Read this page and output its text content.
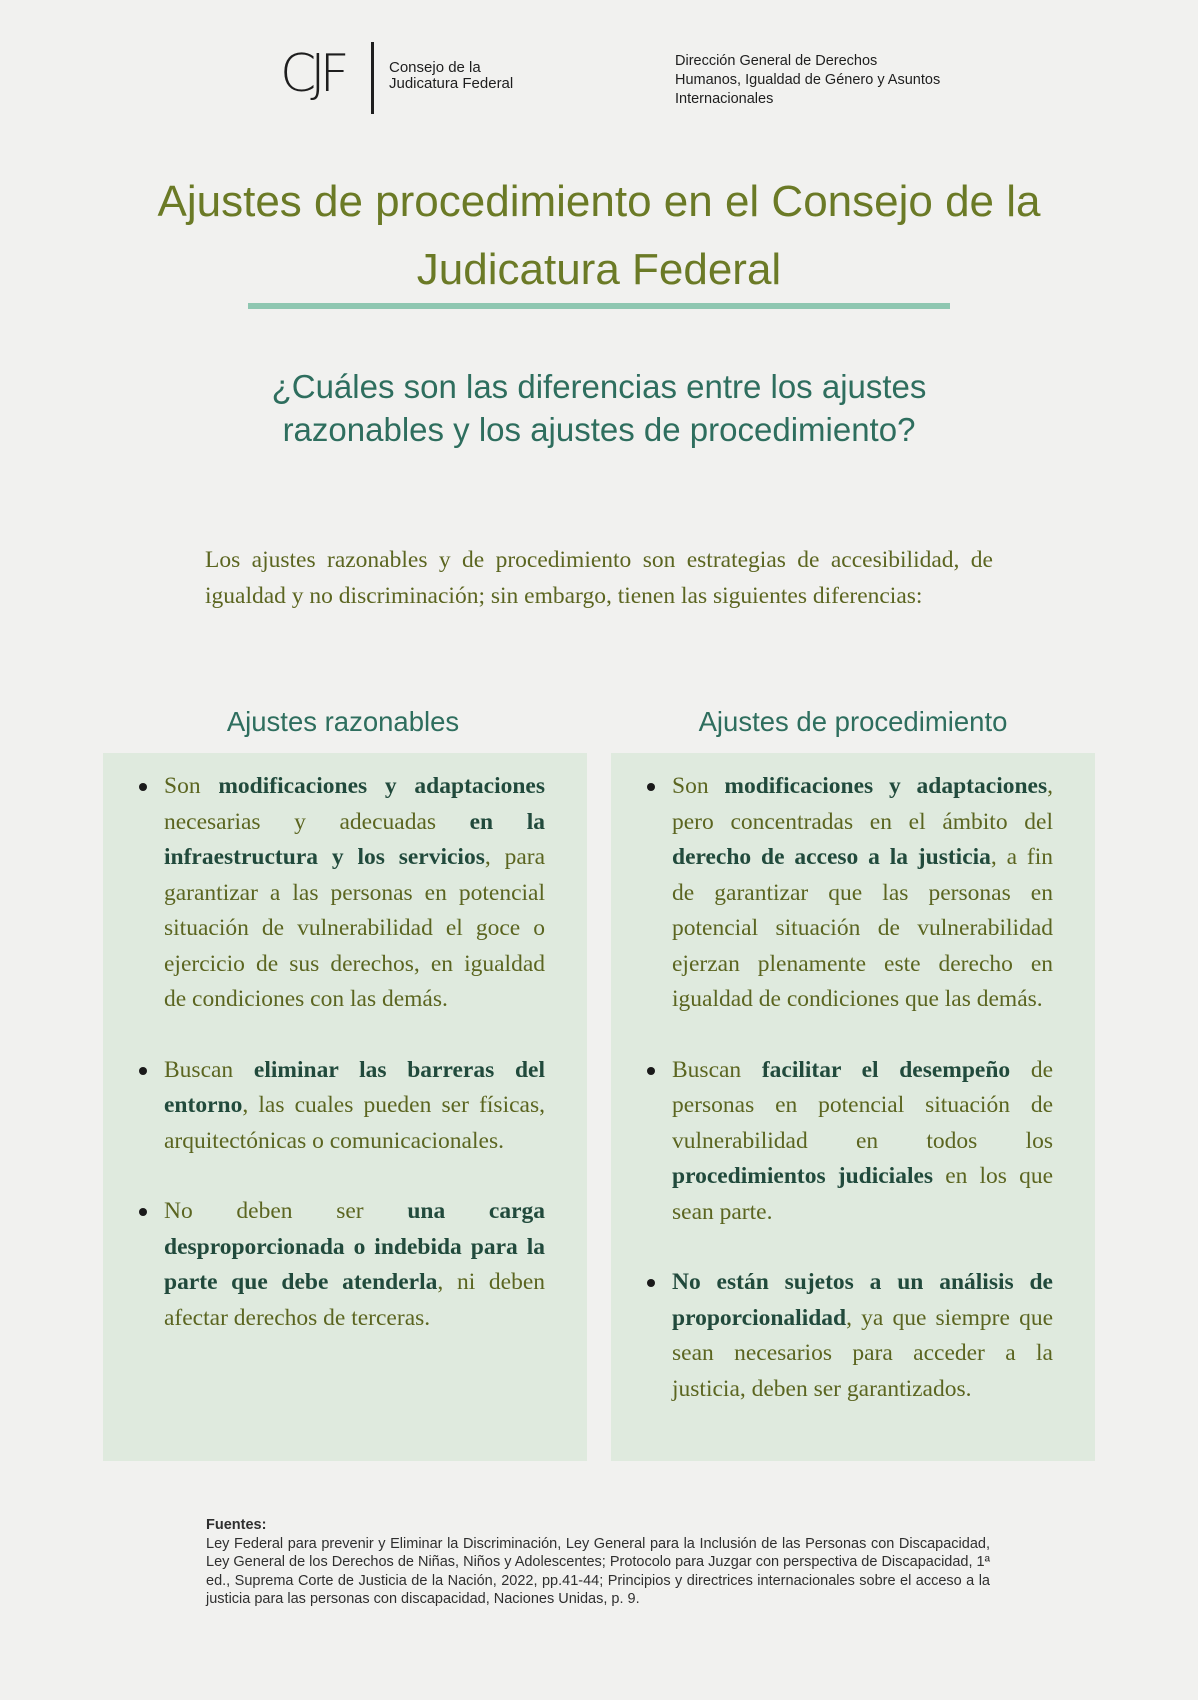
CJF	Consejo de la Judicatura Federal
Dirección General de Derechos Humanos, Igualdad de Género y Asuntos Internacionales
Ajustes de procedimiento en el Consejo de la Judicatura Federal
¿Cuáles son las diferencias entre los ajustes razonables y los ajustes de procedimiento?

Los ajustes razonables y de procedimiento son estrategias de accesibilidad, de igualdad y no discriminación; sin embargo, tienen las siguientes diferencias:

Ajustes razonables	Ajustes de procedimiento
Son modificaciones y adaptaciones necesarias y adecuadas en la infraestructura y los servicios, para garantizar a las personas en potencial situación de vulnerabilidad el goce o ejercicio de sus derechos, en igualdad de condiciones con las demás.
Buscan eliminar las barreras del entorno, las cuales pueden ser físicas, arquitectónicas o comunicacionales.
No deben ser una carga desproporcionada o indebida para la parte que debe atenderla, ni deben afectar derechos de terceras.
Son modificaciones y adaptaciones, pero concentradas en el ámbito del derecho de acceso a la justicia, a fin de garantizar que las personas en potencial situación de vulnerabilidad ejerzan plenamente este derecho en igualdad de condiciones que las demás.
Buscan facilitar el desempeño de personas en potencial situación de vulnerabilidad en todos los procedimientos judiciales en los que sean parte.
No están sujetos a un análisis de proporcionalidad, ya que siempre que sean necesarios para acceder a la justicia, deben ser garantizados.
Fuentes:
Ley Federal para prevenir y Eliminar la Discriminación, Ley General para la Inclusión de las Personas con Discapacidad, Ley General de los Derechos de Niñas, Niños y Adolescentes; Protocolo para Juzgar con perspectiva de Discapacidad, 1ª ed., Suprema Corte de Justicia de la Nación, 2022, pp.41-44; Principios y directrices internacionales sobre el acceso a la justicia para las personas con discapacidad, Naciones Unidas, p. 9.
